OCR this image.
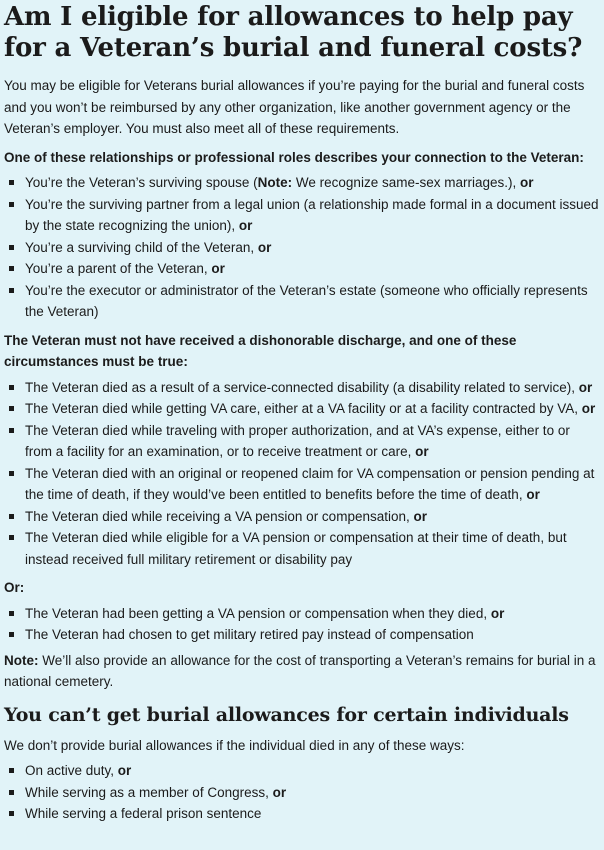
Am I eligible for allowances to help pay for a Veteran’s burial and funeral costs?

You may be eligible for Veterans burial allowances if you’re paying for the burial and funeral costs and you won’t be reimbursed by any other organization, like another government agency or the Veteran’s employer. You must also meet all of these requirements.

One of these relationships or professional roles describes your connection to the Veteran:

You’re the Veteran’s surviving spouse (Note: We recognize same-sex marriages.), or
You’re the surviving partner from a legal union (a relationship made formal in a document issued by the state recognizing the union), or
You’re a surviving child of the Veteran, or
You’re a parent of the Veteran, or
You’re the executor or administrator of the Veteran’s estate (someone who officially represents the Veteran)

The Veteran must not have received a dishonorable discharge, and one of these circumstances must be true:

The Veteran died as a result of a service-connected disability (a disability related to service), or
The Veteran died while getting VA care, either at a VA facility or at a facility contracted by VA, or
The Veteran died while traveling with proper authorization, and at VA’s expense, either to or from a facility for an examination, or to receive treatment or care, or
The Veteran died with an original or reopened claim for VA compensation or pension pending at the time of death, if they would’ve been entitled to benefits before the time of death, or
The Veteran died while receiving a VA pension or compensation, or
The Veteran died while eligible for a VA pension or compensation at their time of death, but instead received full military retirement or disability pay

Or:

The Veteran had been getting a VA pension or compensation when they died, or
The Veteran had chosen to get military retired pay instead of compensation

Note: We’ll also provide an allowance for the cost of transporting a Veteran’s remains for burial in a national cemetery.

You can’t get burial allowances for certain individuals

We don’t provide burial allowances if the individual died in any of these ways:

On active duty, or
While serving as a member of Congress, or
While serving a federal prison sentence
